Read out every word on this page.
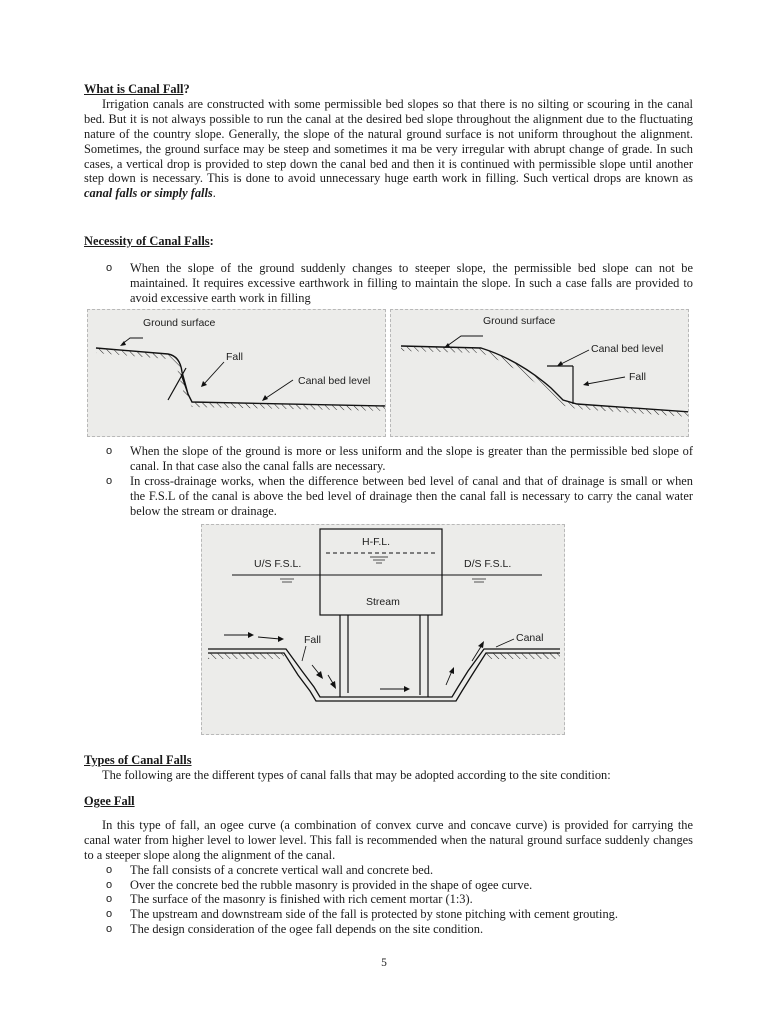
What is Canal Fall?

Irrigation canals are constructed with some permissible bed slopes so that there is no silting or scouring in the canal bed. But it is not always possible to run the canal at the desired bed slope throughout the alignment due to the fluctuating nature of the country slope. Generally, the slope of the natural ground surface is not uniform throughout the alignment. Sometimes, the ground surface may be steep and sometimes it ma be very irregular with abrupt change of grade. In such cases, a vertical drop is provided to step down the canal bed and then it is continued with permissible slope until another step down is necessary. This is done to avoid unnecessary huge earth work in filling. Such vertical drops are known as canal falls or simply falls.

Necessity of Canal Falls:
o When the slope of the ground suddenly changes to steeper slope, the permissible bed slope can not be maintained. It requires excessive earthwork in filling to maintain the slope. In such a case falls are provided to avoid excessive earth work in filling
Ground surface
Fall
Canal bed level
Ground surface
Canal bed level
Fall
o When the slope of the ground is more or less uniform and the slope is greater than the permissible bed slope of canal. In that case also the canal falls are necessary.
o In cross-drainage works, when the difference between bed level of canal and that of drainage is small or when the F.S.L of the canal is above the bed level of drainage then the canal fall is necessary to carry the canal water below the stream or drainage.
H-F.L.
U/S F.S.L.	D/S F.S.L.
Stream
Fall	Canal
Types of Canal Falls

The following are the different types of canal falls that may be adopted according to the site condition:

Ogee Fall

In this type of fall, an ogee curve (a combination of convex curve and concave curve) is provided for carrying the canal water from higher level to lower level. This fall is recommended when the natural ground surface suddenly changes to a steeper slope along the alignment of the canal.

o The fall consists of a concrete vertical wall and concrete bed.
o Over the concrete bed the rubble masonry is provided in the shape of ogee curve.
o The surface of the masonry is finished with rich cement mortar (1:3).
o The upstream and downstream side of the fall is protected by stone pitching with cement grouting.
o The design consideration of the ogee fall depends on the site condition.
5
